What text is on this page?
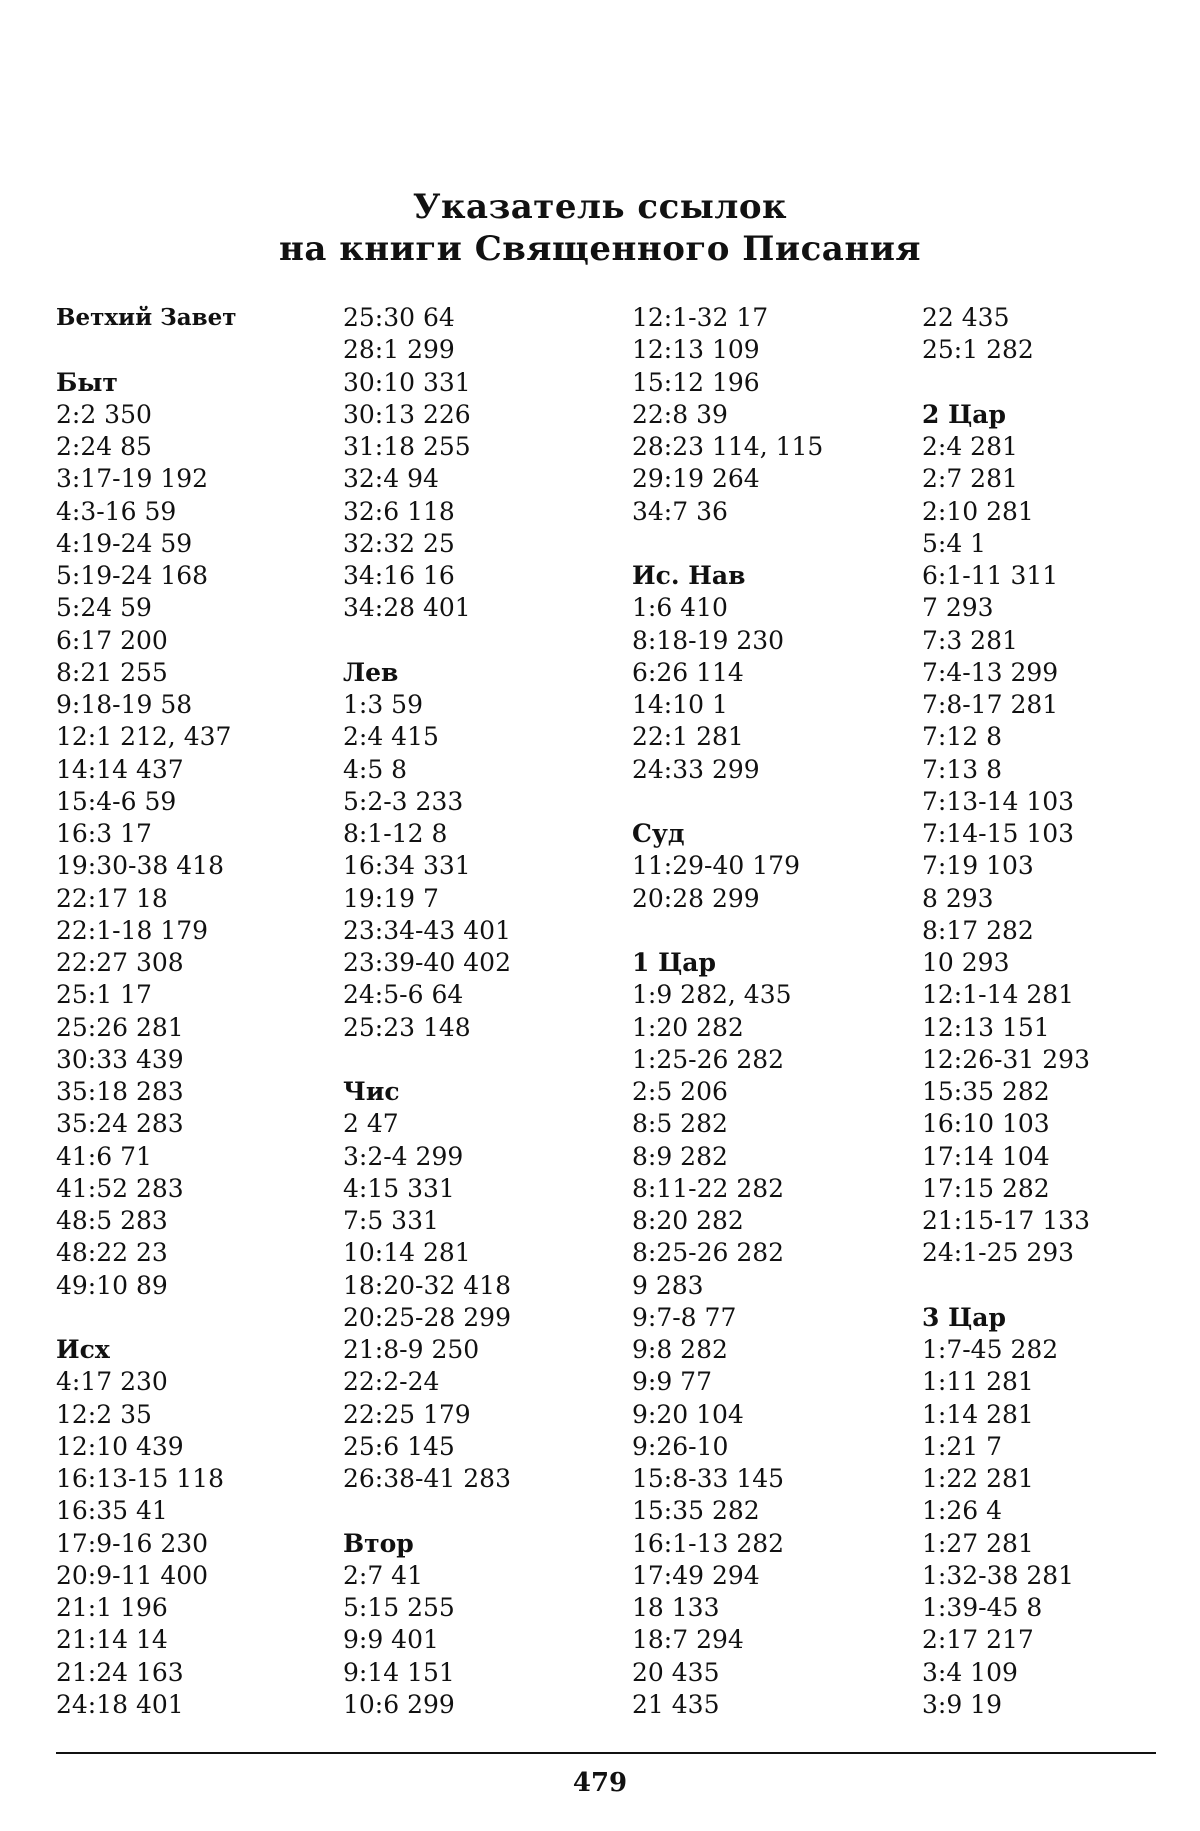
Указатель ссылок
на книги Священного Писания
Ветхий Завет
Быт
2:2 350
2:24 85
3:17-19 192
4:3-16 59
4:19-24 59
5:19-24 168
5:24 59
6:17 200
8:21 255
9:18-19 58
12:1 212, 437
14:14 437
15:4-6 59
16:3 17
19:30-38 418
22:17 18
22:1-18 179
22:27 308
25:1 17
25:26 281
30:33 439
35:18 283
35:24 283
41:6 71
41:52 283
48:5 283
48:22 23
49:10 89
Исх
4:17 230
12:2 35
12:10 439
16:13-15 118
16:35 41
17:9-16 230
20:9-11 400
21:1 196
21:14 14
21:24 163
24:18 401
25:30 64
28:1 299
30:10 331
30:13 226
31:18 255
32:4 94
32:6 118
32:32 25
34:16 16
34:28 401
Лев
1:3 59
2:4 415
4:5 8
5:2-3 233
8:1-12 8
16:34 331
19:19 7
23:34-43 401
23:39-40 402
24:5-6 64
25:23 148
Чис
2 47
3:2-4 299
4:15 331
7:5 331
10:14 281
18:20-32 418
20:25-28 299
21:8-9 250
22:2-24
22:25 179
25:6 145
26:38-41 283
Втор
2:7 41
5:15 255
9:9 401
9:14 151
10:6 299
12:1-32 17
12:13 109
15:12 196
22:8 39
28:23 114, 115
29:19 264
34:7 36
Ис. Нав
1:6 410
8:18-19 230
6:26 114
14:10 1
22:1 281
24:33 299
Суд
11:29-40 179
20:28 299
1 Цар
1:9 282, 435
1:20 282
1:25-26 282
2:5 206
8:5 282
8:9 282
8:11-22 282
8:20 282
8:25-26 282
9 283
9:7-8 77
9:8 282
9:9 77
9:20 104
9:26-10
15:8-33 145
15:35 282
16:1-13 282
17:49 294
18 133
18:7 294
20 435
21 435
22 435
25:1 282
2 Цар
2:4 281
2:7 281
2:10 281
5:4 1
6:1-11 311
7 293
7:3 281
7:4-13 299
7:8-17 281
7:12 8
7:13 8
7:13-14 103
7:14-15 103
7:19 103
8 293
8:17 282
10 293
12:1-14 281
12:13 151
12:26-31 293
15:35 282
16:10 103
17:14 104
17:15 282
21:15-17 133
24:1-25 293
3 Цар
1:7-45 282
1:11 281
1:14 281
1:21 7
1:22 281
1:26 4
1:27 281
1:32-38 281
1:39-45 8
2:17 217
3:4 109
3:9 19
479
